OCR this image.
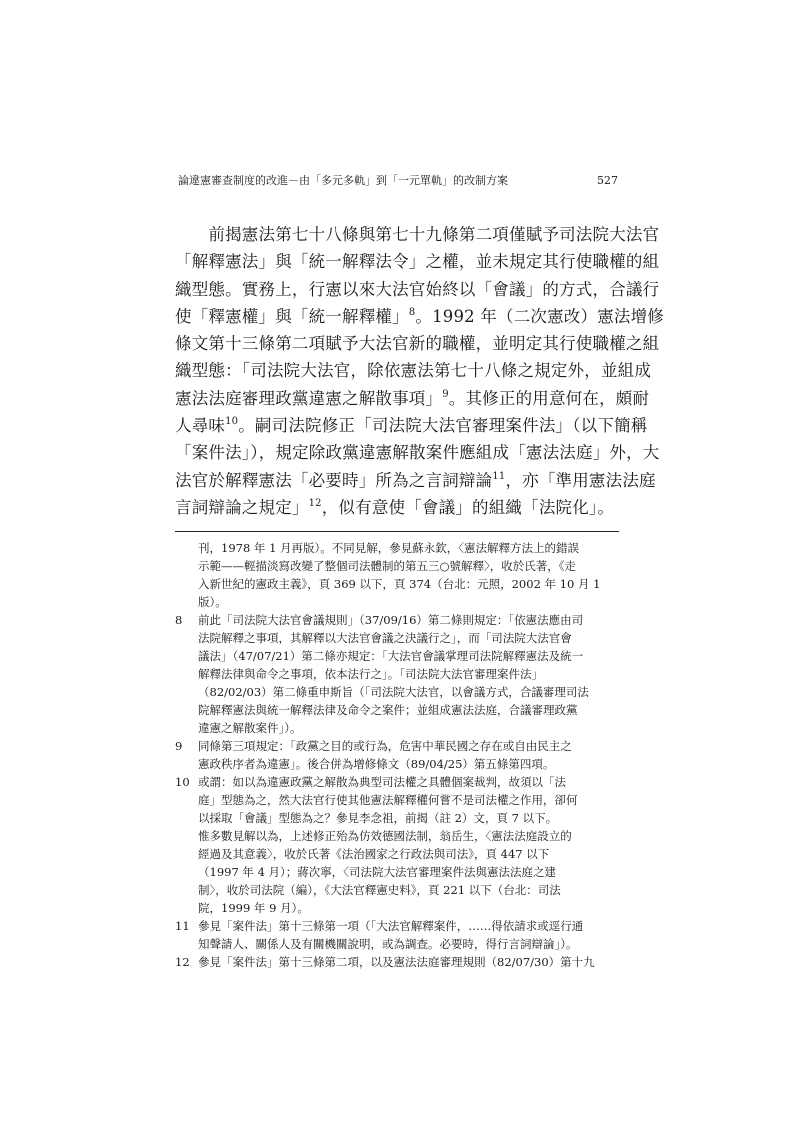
論違憲審查制度的改進－由「多元多軌」到「一元單軌」的改制方案	527
　　前揭憲法第七十八條與第七十九條第二項僅賦予司法院大法官
「解釋憲法」與「統一解釋法令」之權，並未規定其行使職權的組
織型態。實務上，行憲以來大法官始終以「會議」的方式，合議行
使「釋憲權」與「統一解釋權」$^8$。1992 年（二次憲改）憲法增修
條文第十三條第二項賦予大法官新的職權，並明定其行使職權之組
織型態：「司法院大法官，除依憲法第七十八條之規定外，並組成
憲法法庭審理政黨違憲之解散事項」$^9$。其修正的用意何在，頗耐
人尋味$^{10}$。嗣司法院修正「司法院大法官審理案件法」（以下簡稱
「案件法」），規定除政黨違憲解散案件應組成「憲法法庭」外，大
法官於解釋憲法「必要時」所為之言詞辯論$^{11}$，亦「準用憲法法庭
言詞辯論之規定」$^{12}$，似有意使「會議」的組織「法院化」。
刊，1978 年 1 月再版）。不同見解，參見蘇永欽，〈憲法解釋方法上的錯誤
示範——輕描淡寫改變了整個司法體制的第五三○號解釋〉，收於氏著，《走
入新世紀的憲政主義》，頁 369 以下，頁 374（台北：元照，2002 年 10 月 1
版）。
8 前此「司法院大法官會議規則」（37/09/16）第二條則規定：「依憲法應由司
法院解釋之事項，其解釋以大法官會議之決議行之」，而「司法院大法官會
議法」（47/07/21）第二條亦規定：「大法官會議掌理司法院解釋憲法及統一
解釋法律與命令之事項，依本法行之」。「司法院大法官審理案件法」
（82/02/03）第二條重申斯旨（「司法院大法官，以會議方式，合議審理司法
院解釋憲法與統一解釋法律及命令之案件；並組成憲法法庭，合議審理政黨
違憲之解散案件」）。
9 同條第三項規定：「政黨之目的或行為，危害中華民國之存在或自由民主之
憲政秩序者為違憲」。後合併為增修條文（89/04/25）第五條第四項。
10 或謂：如以為違憲政黨之解散為典型司法權之具體個案裁判，故須以「法
庭」型態為之，然大法官行使其他憲法解釋權何嘗不是司法權之作用，卻何
以採取「會議」型態為之？參見李念祖，前揭（註 2）文，頁 7 以下。
惟多數見解以為，上述修正殆為仿效德國法制，翁岳生，〈憲法法庭設立的
經過及其意義〉，收於氏著《法治國家之行政法與司法》，頁 447 以下
（1997 年 4 月）；蔣次寧，〈司法院大法官審理案件法與憲法法庭之建
制〉，收於司法院（編），《大法官釋憲史料》，頁 221 以下（台北：司法
院，1999 年 9 月）。
11 參見「案件法」第十三條第一項（「大法官解釋案件，……得依請求或逕行通
知聲請人、關係人及有關機關說明，或為調查。必要時，得行言詞辯論」）。
12 參見「案件法」第十三條第二項，以及憲法法庭審理規則（82/07/30）第十九
